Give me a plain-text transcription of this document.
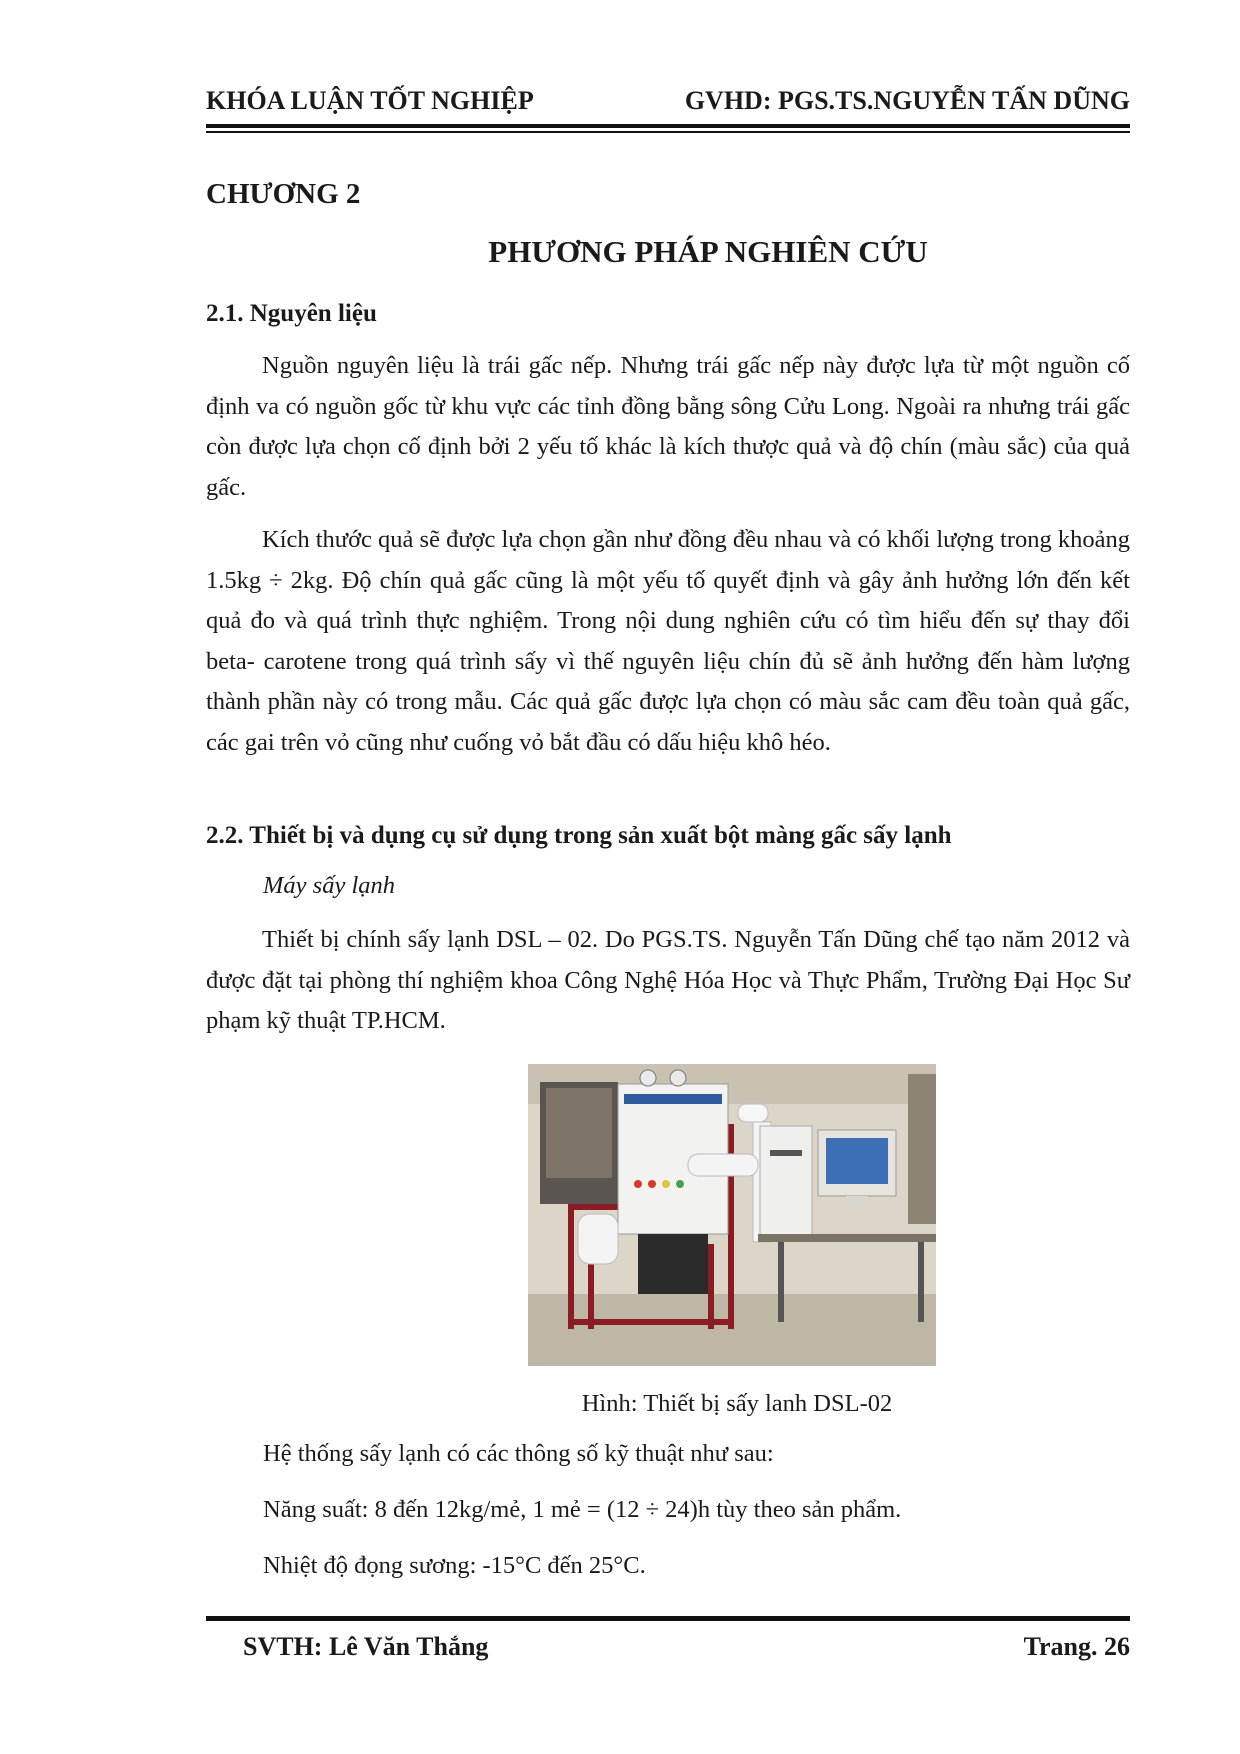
KHÓA LUẬN TỐT NGHIỆP	GVHD: PGS.TS.NGUYỄN TẤN DŨNG
CHƯƠNG 2
PHƯƠNG PHÁP NGHIÊN CỨU
2.1. Nguyên liệu

Nguồn nguyên liệu là trái gấc nếp. Nhưng trái gấc nếp này được lựa từ một nguồn cố định va có nguồn gốc từ khu vực các tỉnh đồng bằng sông Cửu Long. Ngoài ra nhưng trái gấc còn được lựa chọn cố định bởi 2 yếu tố khác là kích thược quả và độ chín (màu sắc) của quả gấc.

Kích thước quả sẽ được lựa chọn gần như đồng đều nhau và có khối lượng trong khoảng 1.5kg ÷ 2kg. Độ chín quả gấc cũng là một yếu tố quyết định và gây ảnh hưởng lớn đến kết quả đo và quá trình thực nghiệm. Trong nội dung nghiên cứu có tìm hiểu đến sự thay đổi beta- carotene trong quá trình sấy vì thế nguyên liệu chín đủ sẽ ảnh hưởng đến hàm lượng thành phần này có trong mẫu. Các quả gấc được lựa chọn có màu sắc cam đều toàn quả gấc, các gai trên vỏ cũng như cuống vỏ bắt đầu có dấu hiệu khô héo.

2.2. Thiết bị và dụng cụ sử dụng trong sản xuất bột màng gấc sấy lạnh
Máy sấy lạnh

Thiết bị chính sấy lạnh DSL – 02. Do PGS.TS. Nguyễn Tấn Dũng chế tạo năm 2012 và được đặt tại phòng thí nghiệm khoa Công Nghệ Hóa Học và Thực Phẩm, Trường Đại Học Sư phạm kỹ thuật TP.HCM.

Hình: Thiết bị sấy lanh DSL-02
Hệ thống sấy lạnh có các thông số kỹ thuật như sau:
Năng suất: 8 đến 12kg/mẻ, 1 mẻ = (12 ÷ 24)h tùy theo sản phẩm.
Nhiệt độ đọng sương: -15°C đến 25°C.
SVTH: Lê Văn Thắng	Trang. 26
